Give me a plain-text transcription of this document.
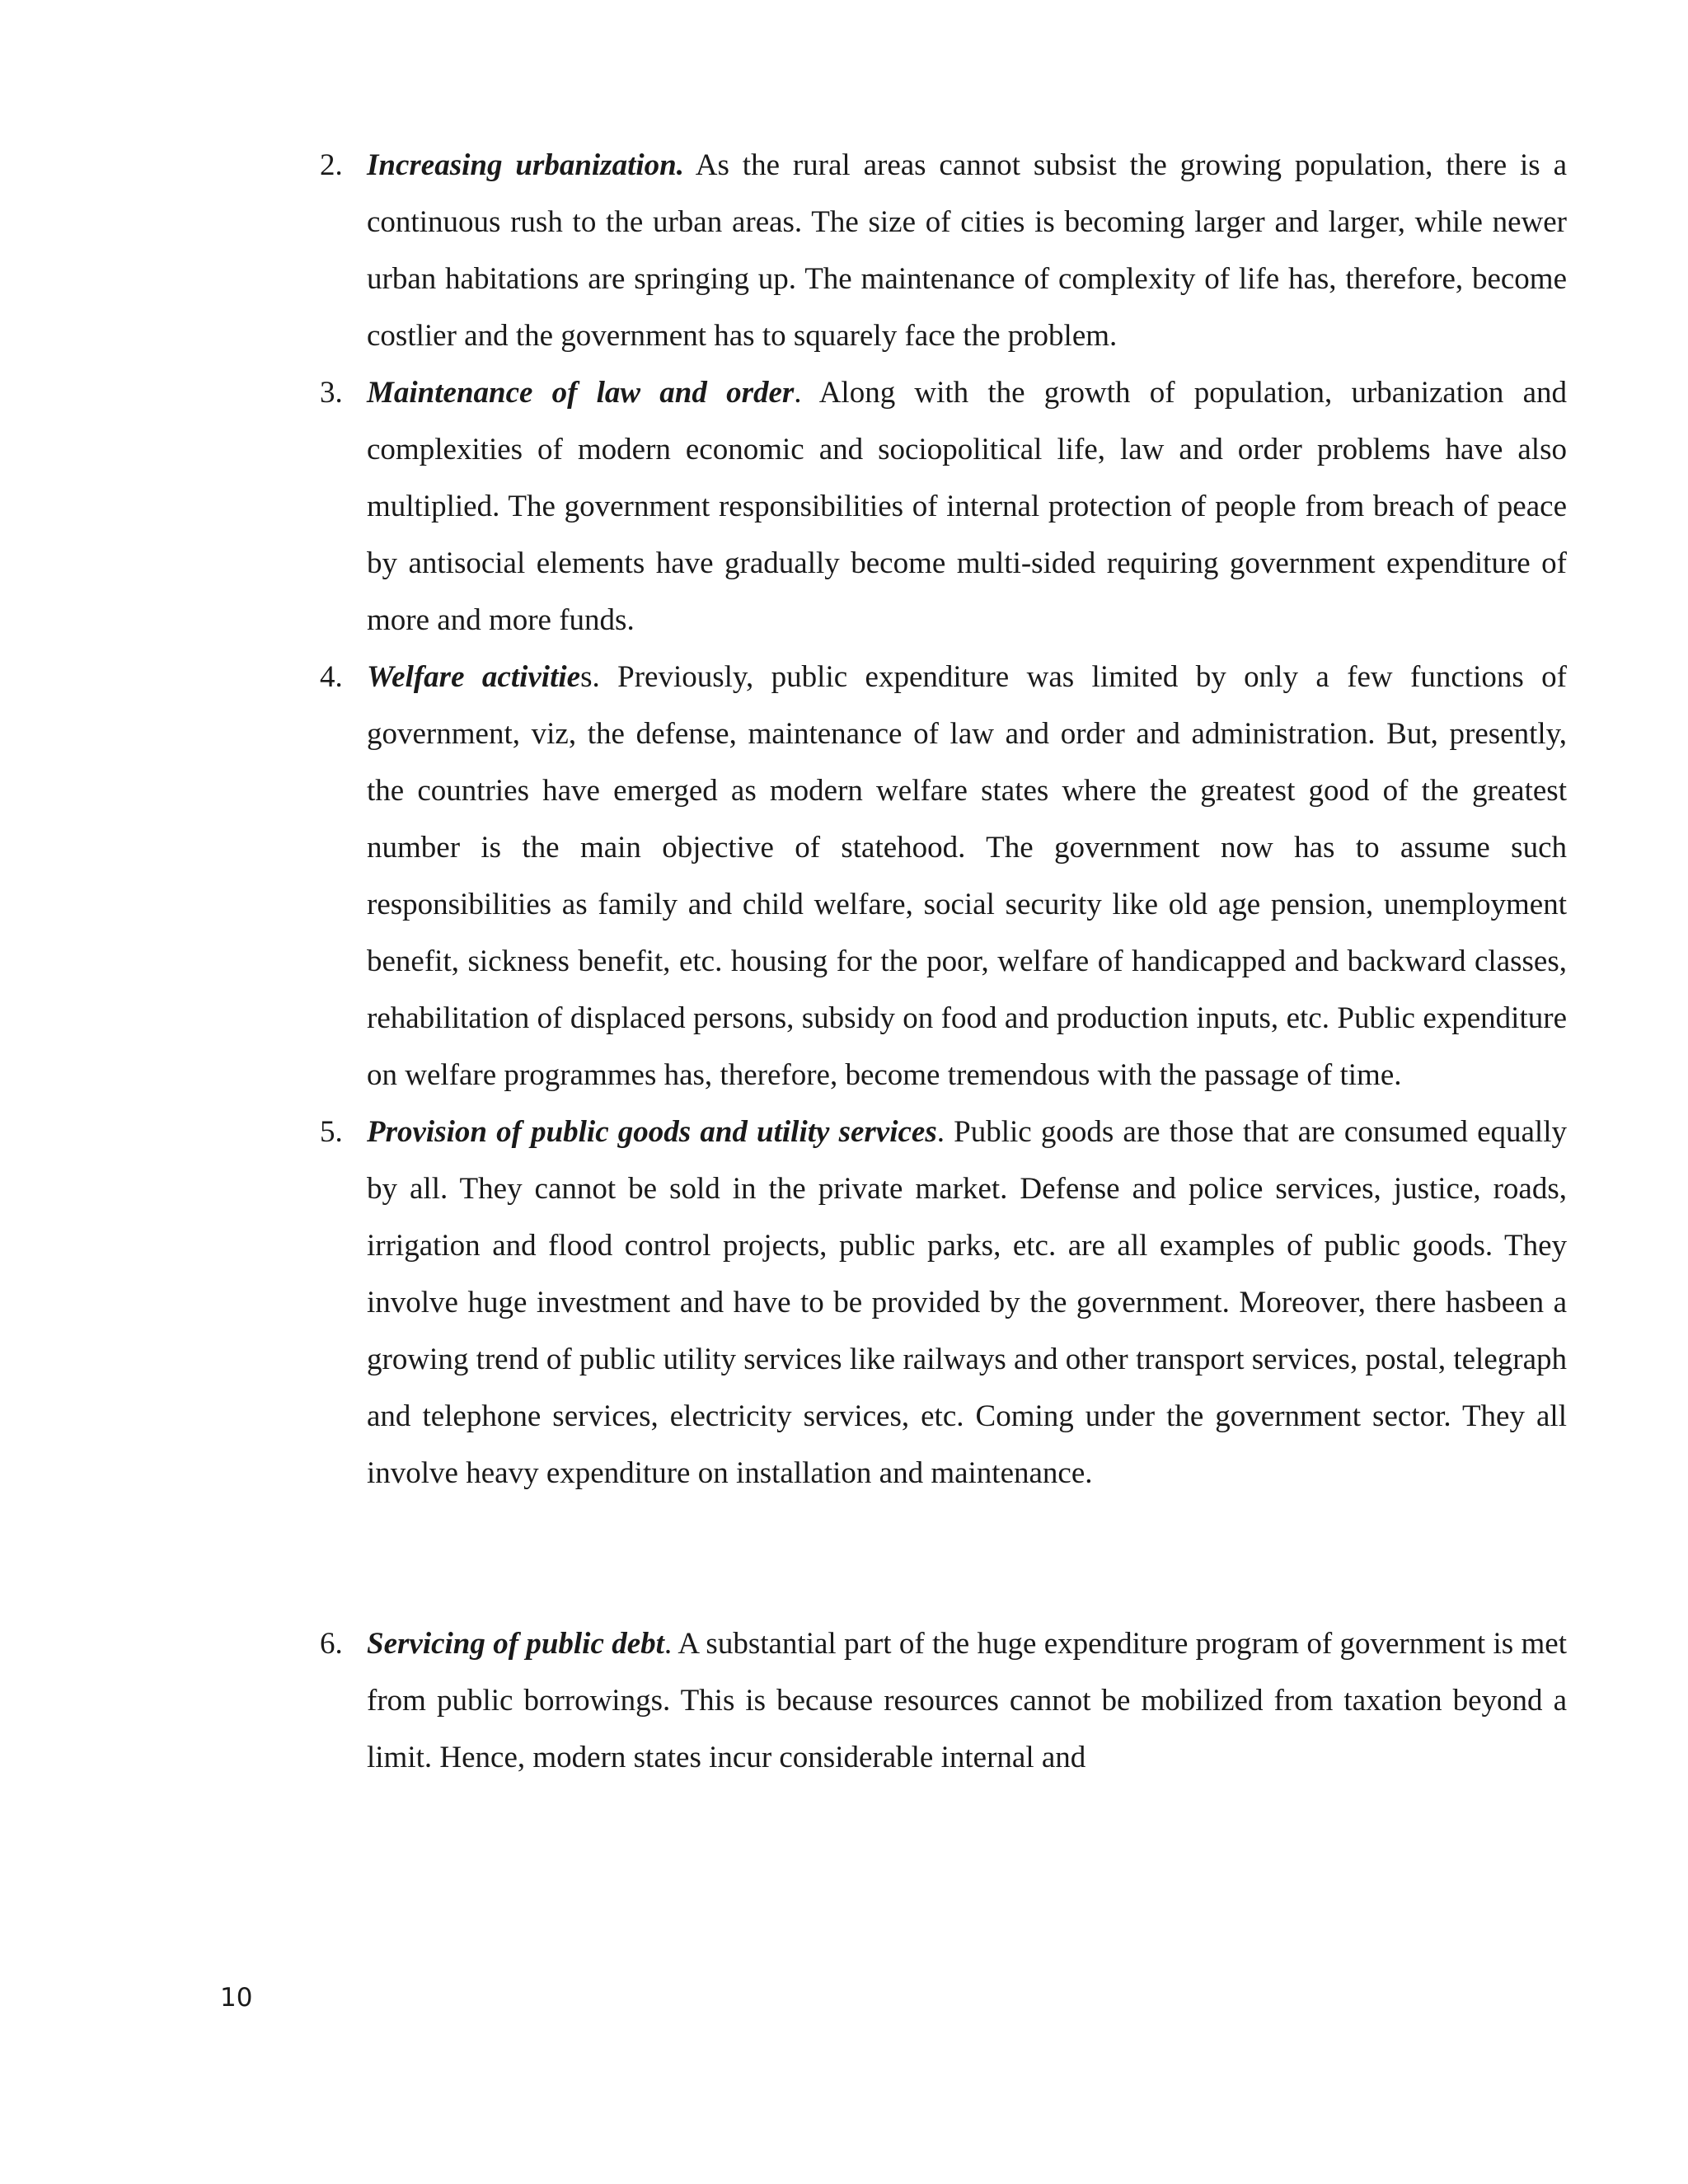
2. Increasing urbanization. As the rural areas cannot subsist the growing population, there is a continuous rush to the urban areas. The size of cities is becoming larger and larger, while newer urban habitations are springing up. The maintenance of complexity of life has, therefore, become costlier and the government has to squarely face the problem.
3. Maintenance of law and order. Along with the growth of population, urbanization and complexities of modern economic and sociopolitical life, law and order problems have also multiplied. The government responsibilities of internal protection of people from breach of peace by antisocial elements have gradually become multi-sided requiring government expenditure of more and more funds.
4. Welfare activities. Previously, public expenditure was limited by only a few functions of government, viz, the defense, maintenance of law and order and administration. But, presently, the countries have emerged as modern welfare states where the greatest good of the greatest number is the main objective of statehood. The government now has to assume such responsibilities as family and child welfare, social security like old age pension, unemployment benefit, sickness benefit, etc. housing for the poor, welfare of handicapped and backward classes, rehabilitation of displaced persons, subsidy on food and production inputs, etc. Public expenditure on welfare programmes has, therefore, become tremendous with the passage of time.
5. Provision of public goods and utility services. Public goods are those that are consumed equally by all. They cannot be sold in the private market. Defense and police services, justice, roads, irrigation and flood control projects, public parks, etc. are all examples of public goods. They involve huge investment and have to be provided by the government. Moreover, there hasbeen a growing trend of public utility services like railways and other transport services, postal, telegraph and telephone services, electricity services, etc. Coming under the government sector. They all involve heavy expenditure on installation and maintenance.
6. Servicing of public debt. A substantial part of the huge expenditure program of government is met from public borrowings. This is because resources cannot be mobilized from taxation beyond a limit. Hence, modern states incur considerable internal and
10
